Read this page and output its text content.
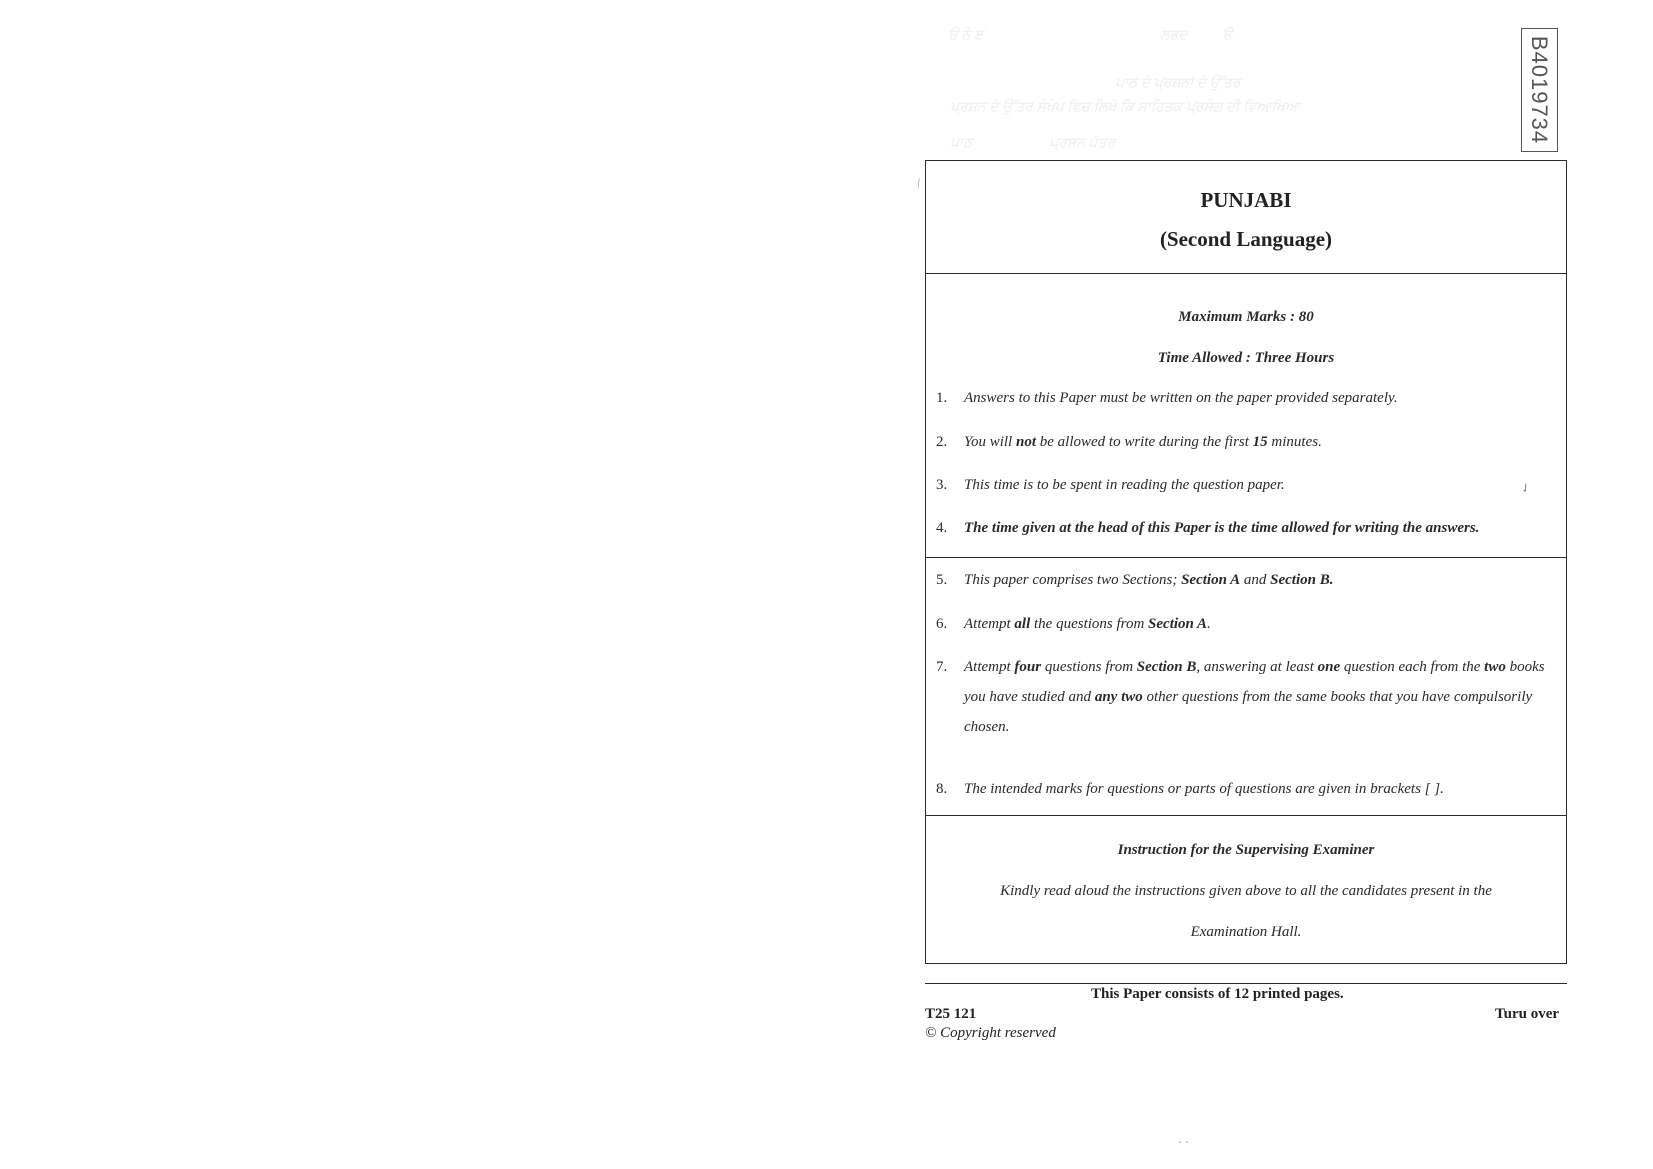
ੳ ਨੇ ੲ	ਲਭਦ          ੳ
ਪਾਠ ਦੇ ਪ੍ਰਸ਼ਨਾਂ ਦੇ ਉੱਤਰ
ਪ੍ਰਸ਼ਨ ਦੇ ਉੱਤਰ ਸੰਖੇਪ ਵਿਚ ਲਿਖੋ ਕਿ ਸਾਹਿਤਕ ਪ੍ਰਸੰਗ ਦੀ ਵਿਆਖਿਆ
ਪਾਠ                      ਪ੍ਰਸ਼ਨ ਪੱਤਰ	B4019734
⁄
PUNJABI
(Second Language)
Maximum Marks : 80
Time Allowed : Three Hours
1.	Answers to this Paper must be written on the paper provided separately.
2.	You will not be allowed to write during the first 15 minutes.
3.	This time is to be spent in reading the question paper.
4.	The time given at the head of this Paper is the time allowed for writing the answers.
✓
5.	This paper comprises two Sections; Section A and Section B.
6.	Attempt all the questions from Section A.
7.	Attempt four questions from Section B, answering at least one question each from the two books you have studied and any two other questions from the same books that you have compulsorily chosen.
8.	The intended marks for questions or parts of questions are given in brackets [ ].
Instruction for the Supervising Examiner
Kindly read aloud the instructions given above to all the candidates present in the
Examination Hall.
This Paper consists of 12 printed pages.
T25 121
© Copyright reserved
Turu over
· ·
